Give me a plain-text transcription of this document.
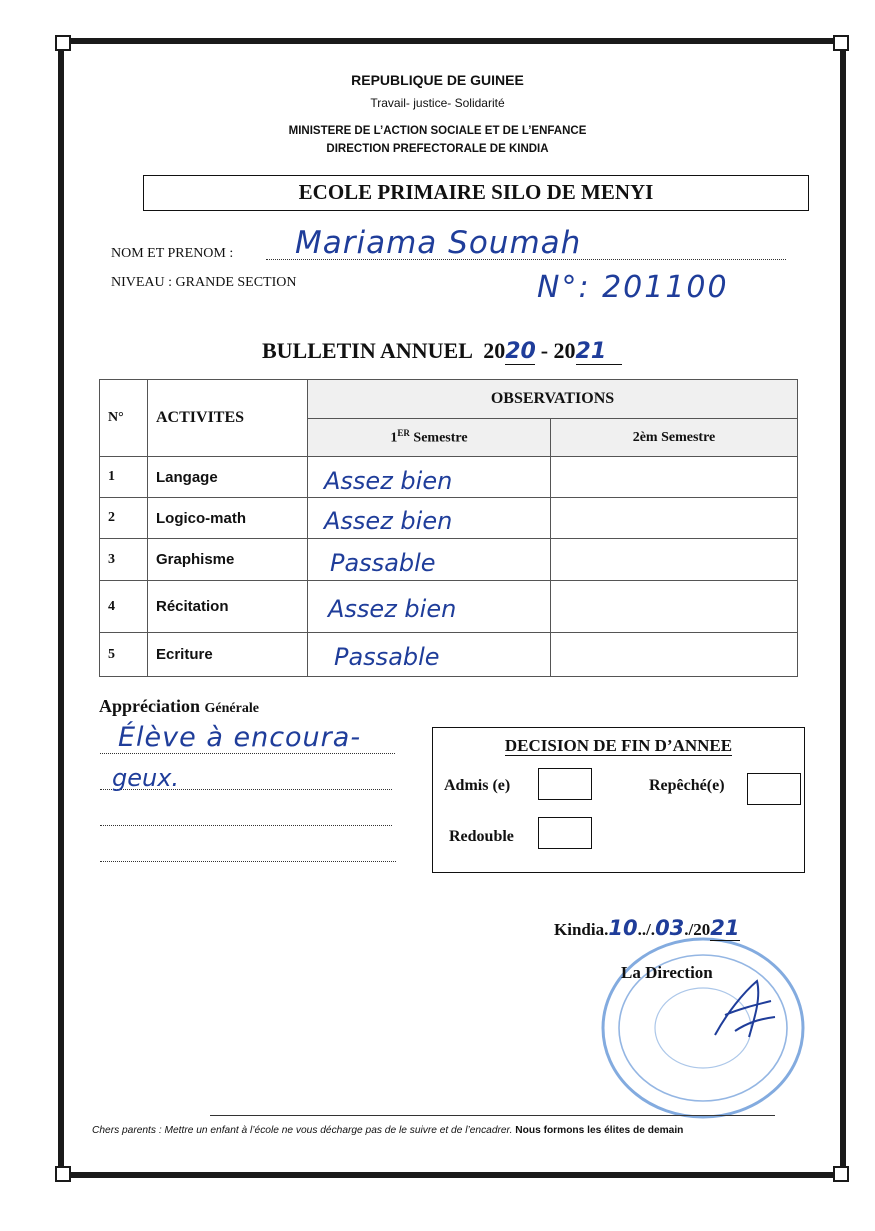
REPUBLIQUE DE GUINEE
Travail- justice- Solidarité
MINISTERE DE L’ACTION SOCIALE ET DE L’ENFANCE
DIRECTION PREFECTORALE DE KINDIA
ECOLE PRIMAIRE SILO DE MENYI
NOM ET PRENOM : Mariama Soumah
NIVEAU : GRANDE SECTION	N°: 201100
BULLETIN ANNUEL 2020 - 2021
N°	ACTIVITES	OBSERVATIONS	
		1ER Semestre	2èm Semestre
1	Langage	Assez bien	

2	Logico-math	Assez bien	

3	Graphisme	Passable	

4	Récitation	Assez bien	

5	Ecriture	Passable	

Appréciation Générale
Élève à encoura-
geux.
DECISION DE FIN D’ANNEE
Admis (e)	Repêché(e)
Redouble
Kindia.10../.03./2021
La Direction
Chers parents : Mettre un enfant à l’école ne vous décharge pas de le suivre et de l’encadrer. Nous formons les élites de demain
